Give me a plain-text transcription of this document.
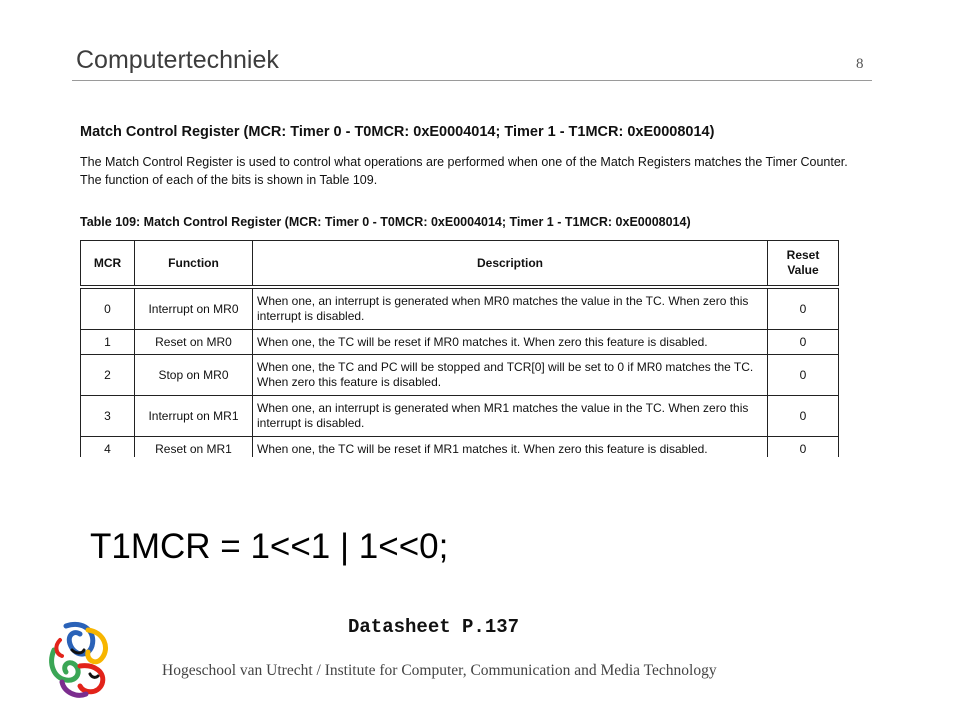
Computertechniek	8
Match Control Register (MCR: Timer 0 - T0MCR: 0xE0004014; Timer 1 - T1MCR: 0xE0008014)
The Match Control Register is used to control what operations are performed when one of the Match Registers matches the Timer Counter. The function of each of the bits is shown in Table 109.
Table 109: Match Control Register (MCR: Timer 0 - T0MCR: 0xE0004014; Timer 1 - T1MCR: 0xE0008014)
MCR	Function	Description	Reset Value
0	Interrupt on MR0	When one, an interrupt is generated when MR0 matches the value in the TC. When zero this interrupt is disabled.	0
1	Reset on MR0	When one, the TC will be reset if MR0 matches it. When zero this feature is disabled.	0
2	Stop on MR0	When one, the TC and PC will be stopped and TCR[0] will be set to 0 if MR0 matches the TC. When zero this feature is disabled.	0
3	Interrupt on MR1	When one, an interrupt is generated when MR1 matches the value in the TC. When zero this interrupt is disabled.	0
4	Reset on MR1	When one, the TC will be reset if MR1 matches it. When zero this feature is disabled.	0
T1MCR = 1<<1 | 1<<0;
Datasheet P.137
Hogeschool van Utrecht / Institute for Computer, Communication and Media Technology
